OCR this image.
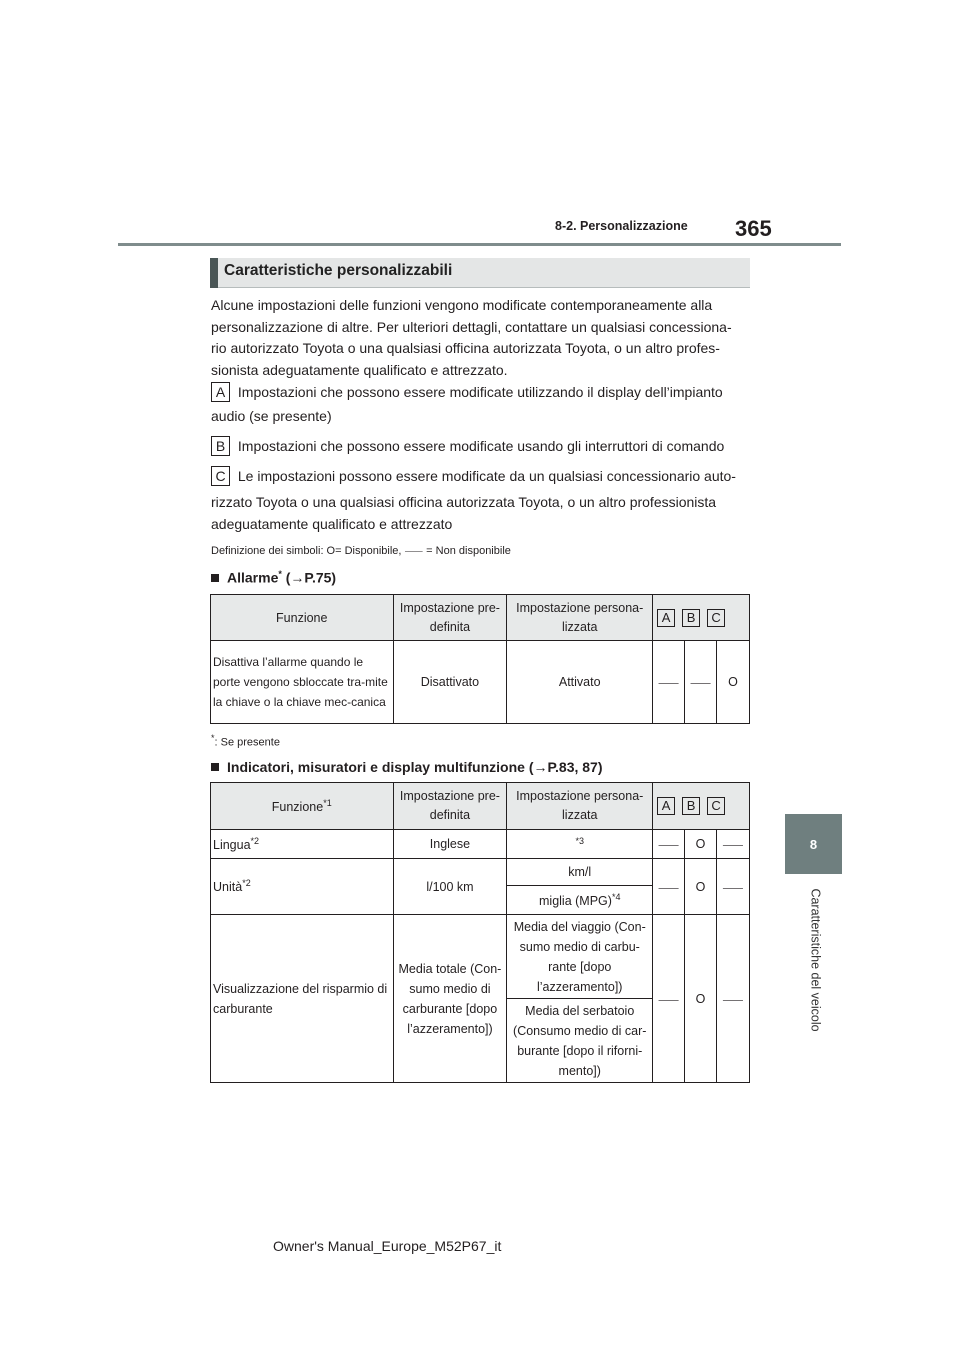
8-2. Personalizzazione 365
8
Caratteristiche del veicolo
Caratteristiche personalizzabili
Alcune impostazioni delle funzioni vengono modificate contemporaneamente alla
personalizzazione di altre. Per ulteriori dettagli, contattare un qualsiasi concessiona-
rio autorizzato Toyota o una qualsiasi officina autorizzata Toyota, o un altro profes-
sionista adeguatamente qualificato e attrezzato.
A Impostazioni che possono essere modificate utilizzando il display dell’impianto
audio (se presente)
B Impostazioni che possono essere modificate usando gli interruttori di comando
C Le impostazioni possono essere modificate da un qualsiasi concessionario auto-
rizzato Toyota o una qualsiasi officina autorizzata Toyota, o un altro professionista
adeguatamente qualificato e attrezzato
Definizione dei simboli: O= Disponibile, ⸺ = Non disponibile
Allarme* (→P.75)
Funzione	Impostazione pre-definita	Impostazione persona-lizzata	A B C		

Disattiva l’allarme quando le porte vengono sbloccate tra-mite la chiave o la chiave mec-canica	Disattivato	Attivato	⸺	⸺	O
*: Se presente
Indicatori, misuratori e display multifunzione (→P.83, 87)
Funzione$^{*1}$	Impostazione pre-definita	Impostazione persona-lizzata	A B C		

Lingua$^{*2}$	Inglese	$^{*3}$	⸺	O	⸺
Unità$^{*2}$	l/100 km	km/l	⸺	O	⸺
		miglia (MPG)$^{*4}$
Visualizzazione del risparmio di carburante	Media totale (Con-sumo medio di carburante [dopo l’azzeramento])	Media del viaggio (Con-sumo medio di carbu-rante [dopo l’azzeramento])	⸺	O	⸺
		Media del serbatoio (Consumo medio di car-burante [dopo il riforni-mento])			
Owner's Manual_Europe_M52P67_it
